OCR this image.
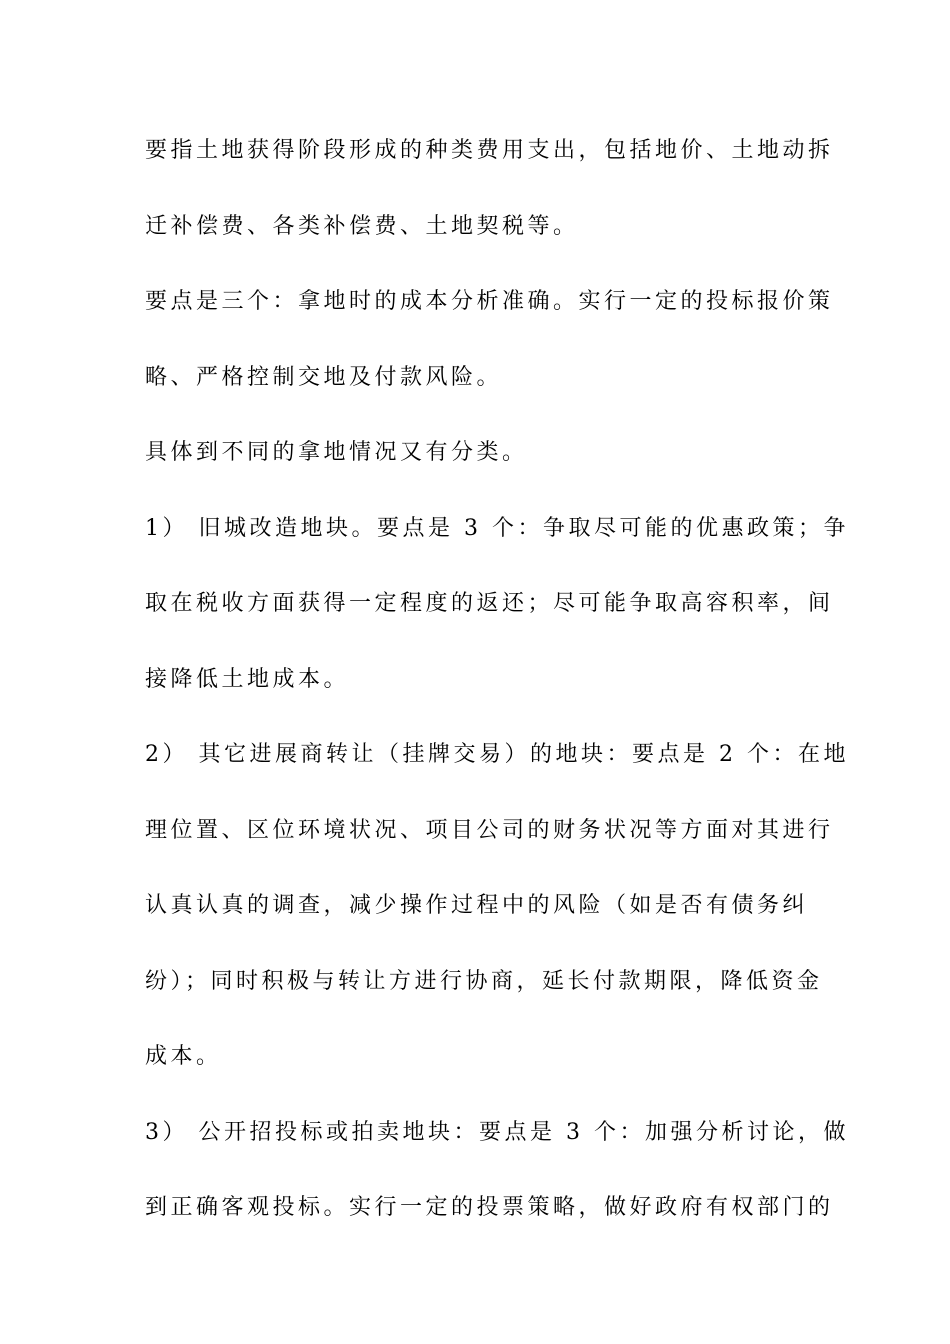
要指土地获得阶段形成的种类费用支出，包括地价、土地动拆
迁补偿费、各类补偿费、土地契税等。
要点是三个：拿地时的成本分析准确。实行一定的投标报价策
略、严格控制交地及付款风险。
具体到不同的拿地情况又有分类。
1） 旧城改造地块。要点是 3 个：争取尽可能的优惠政策；争
取在税收方面获得一定程度的返还；尽可能争取高容积率，间
接降低土地成本。
2） 其它进展商转让（挂牌交易）的地块：要点是 2 个：在地
理位置、区位环境状况、项目公司的财务状况等方面对其进行
认真认真的调查，减少操作过程中的风险（如是否有债务纠
纷）；同时积极与转让方进行协商，延长付款期限，降低资金
成本。
3） 公开招投标或拍卖地块：要点是 3 个：加强分析讨论，做
到正确客观投标。实行一定的投票策略，做好政府有权部门的
